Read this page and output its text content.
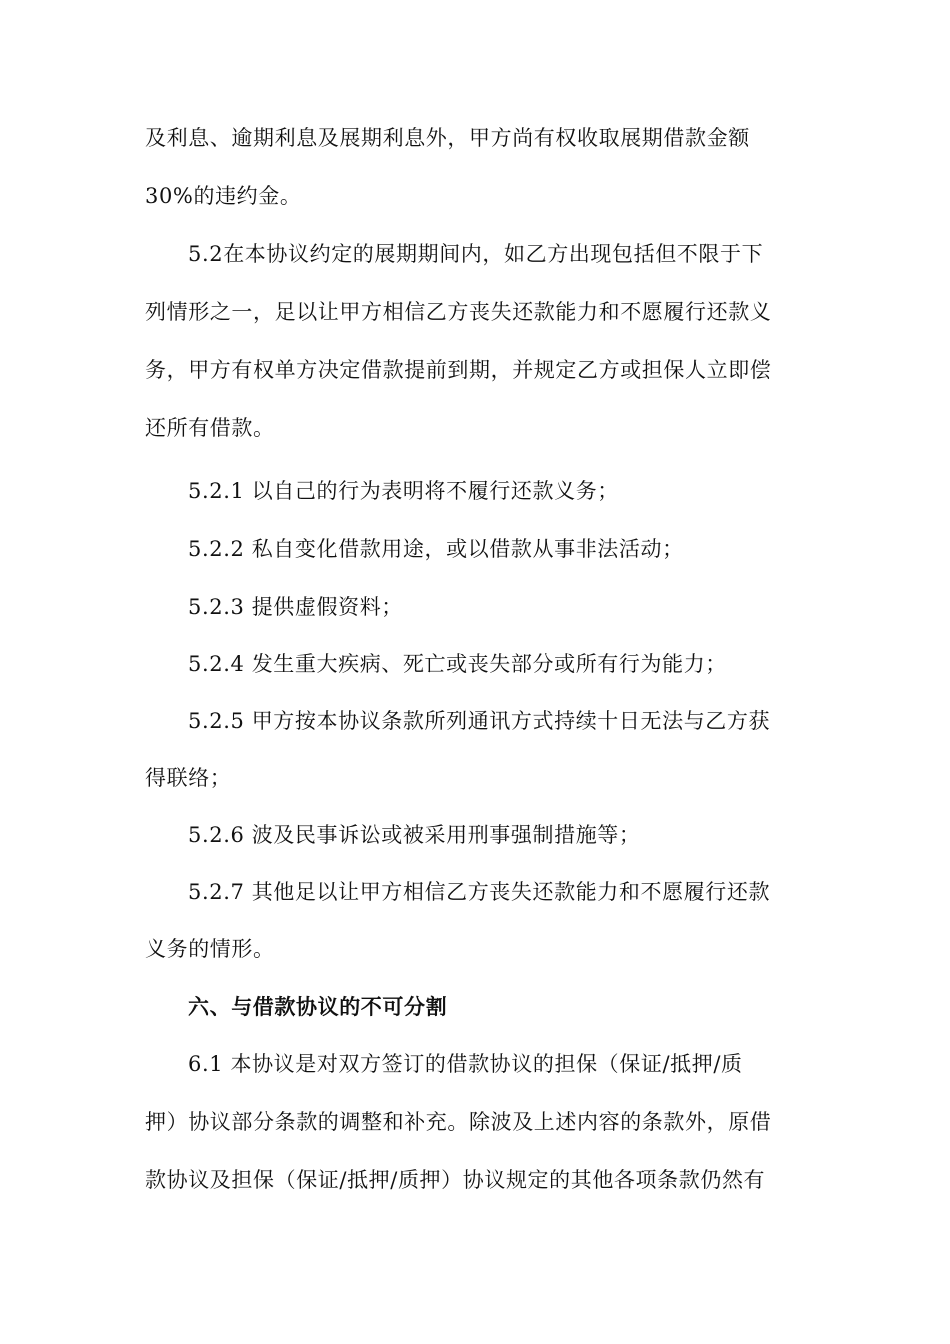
及利息、逾期利息及展期利息外，甲方尚有权收取展期借款金额
30%的违约金。
5.2在本协议约定的展期期间内，如乙方出现包括但不限于下
列情形之一，足以让甲方相信乙方丧失还款能力和不愿履行还款义
务，甲方有权单方决定借款提前到期，并规定乙方或担保人立即偿
还所有借款。
5.2.1 以自己的行为表明将不履行还款义务；
5.2.2 私自变化借款用途，或以借款从事非法活动；
5.2.3 提供虚假资料；
5.2.4 发生重大疾病、死亡或丧失部分或所有行为能力；
5.2.5 甲方按本协议条款所列通讯方式持续十日无法与乙方获
得联络；
5.2.6 波及民事诉讼或被采用刑事强制措施等；
5.2.7 其他足以让甲方相信乙方丧失还款能力和不愿履行还款
义务的情形。
六、与借款协议的不可分割
6.1 本协议是对双方签订的借款协议的担保（保证/抵押/质
押）协议部分条款的调整和补充。除波及上述内容的条款外，原借
款协议及担保（保证/抵押/质押）协议规定的其他各项条款仍然有
